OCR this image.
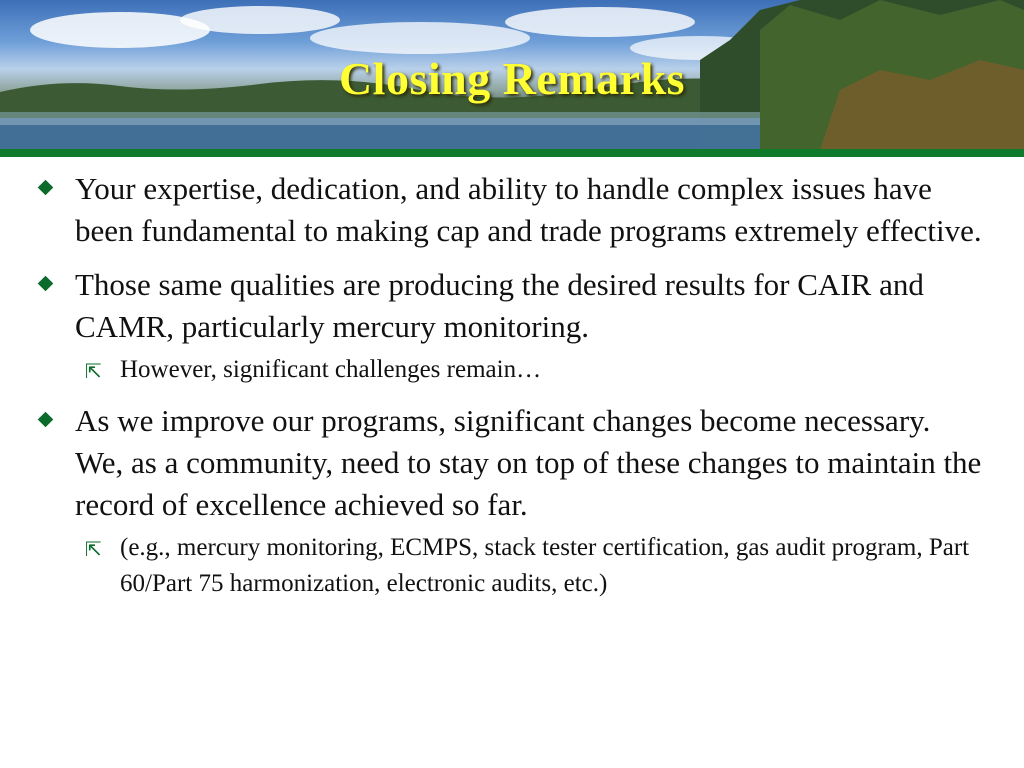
Closing Remarks
Your expertise, dedication, and ability to handle complex issues have been fundamental to making cap and trade programs extremely effective.
Those same qualities are producing the desired results for CAIR and CAMR, particularly mercury monitoring.
⇱ However, significant challenges remain…
As we improve our programs, significant changes become necessary. We, as a community, need to stay on top of these changes to maintain the record of excellence achieved so far.
⇱ (e.g., mercury monitoring, ECMPS, stack tester certification, gas audit program, Part 60/Part 75 harmonization, electronic audits, etc.)
